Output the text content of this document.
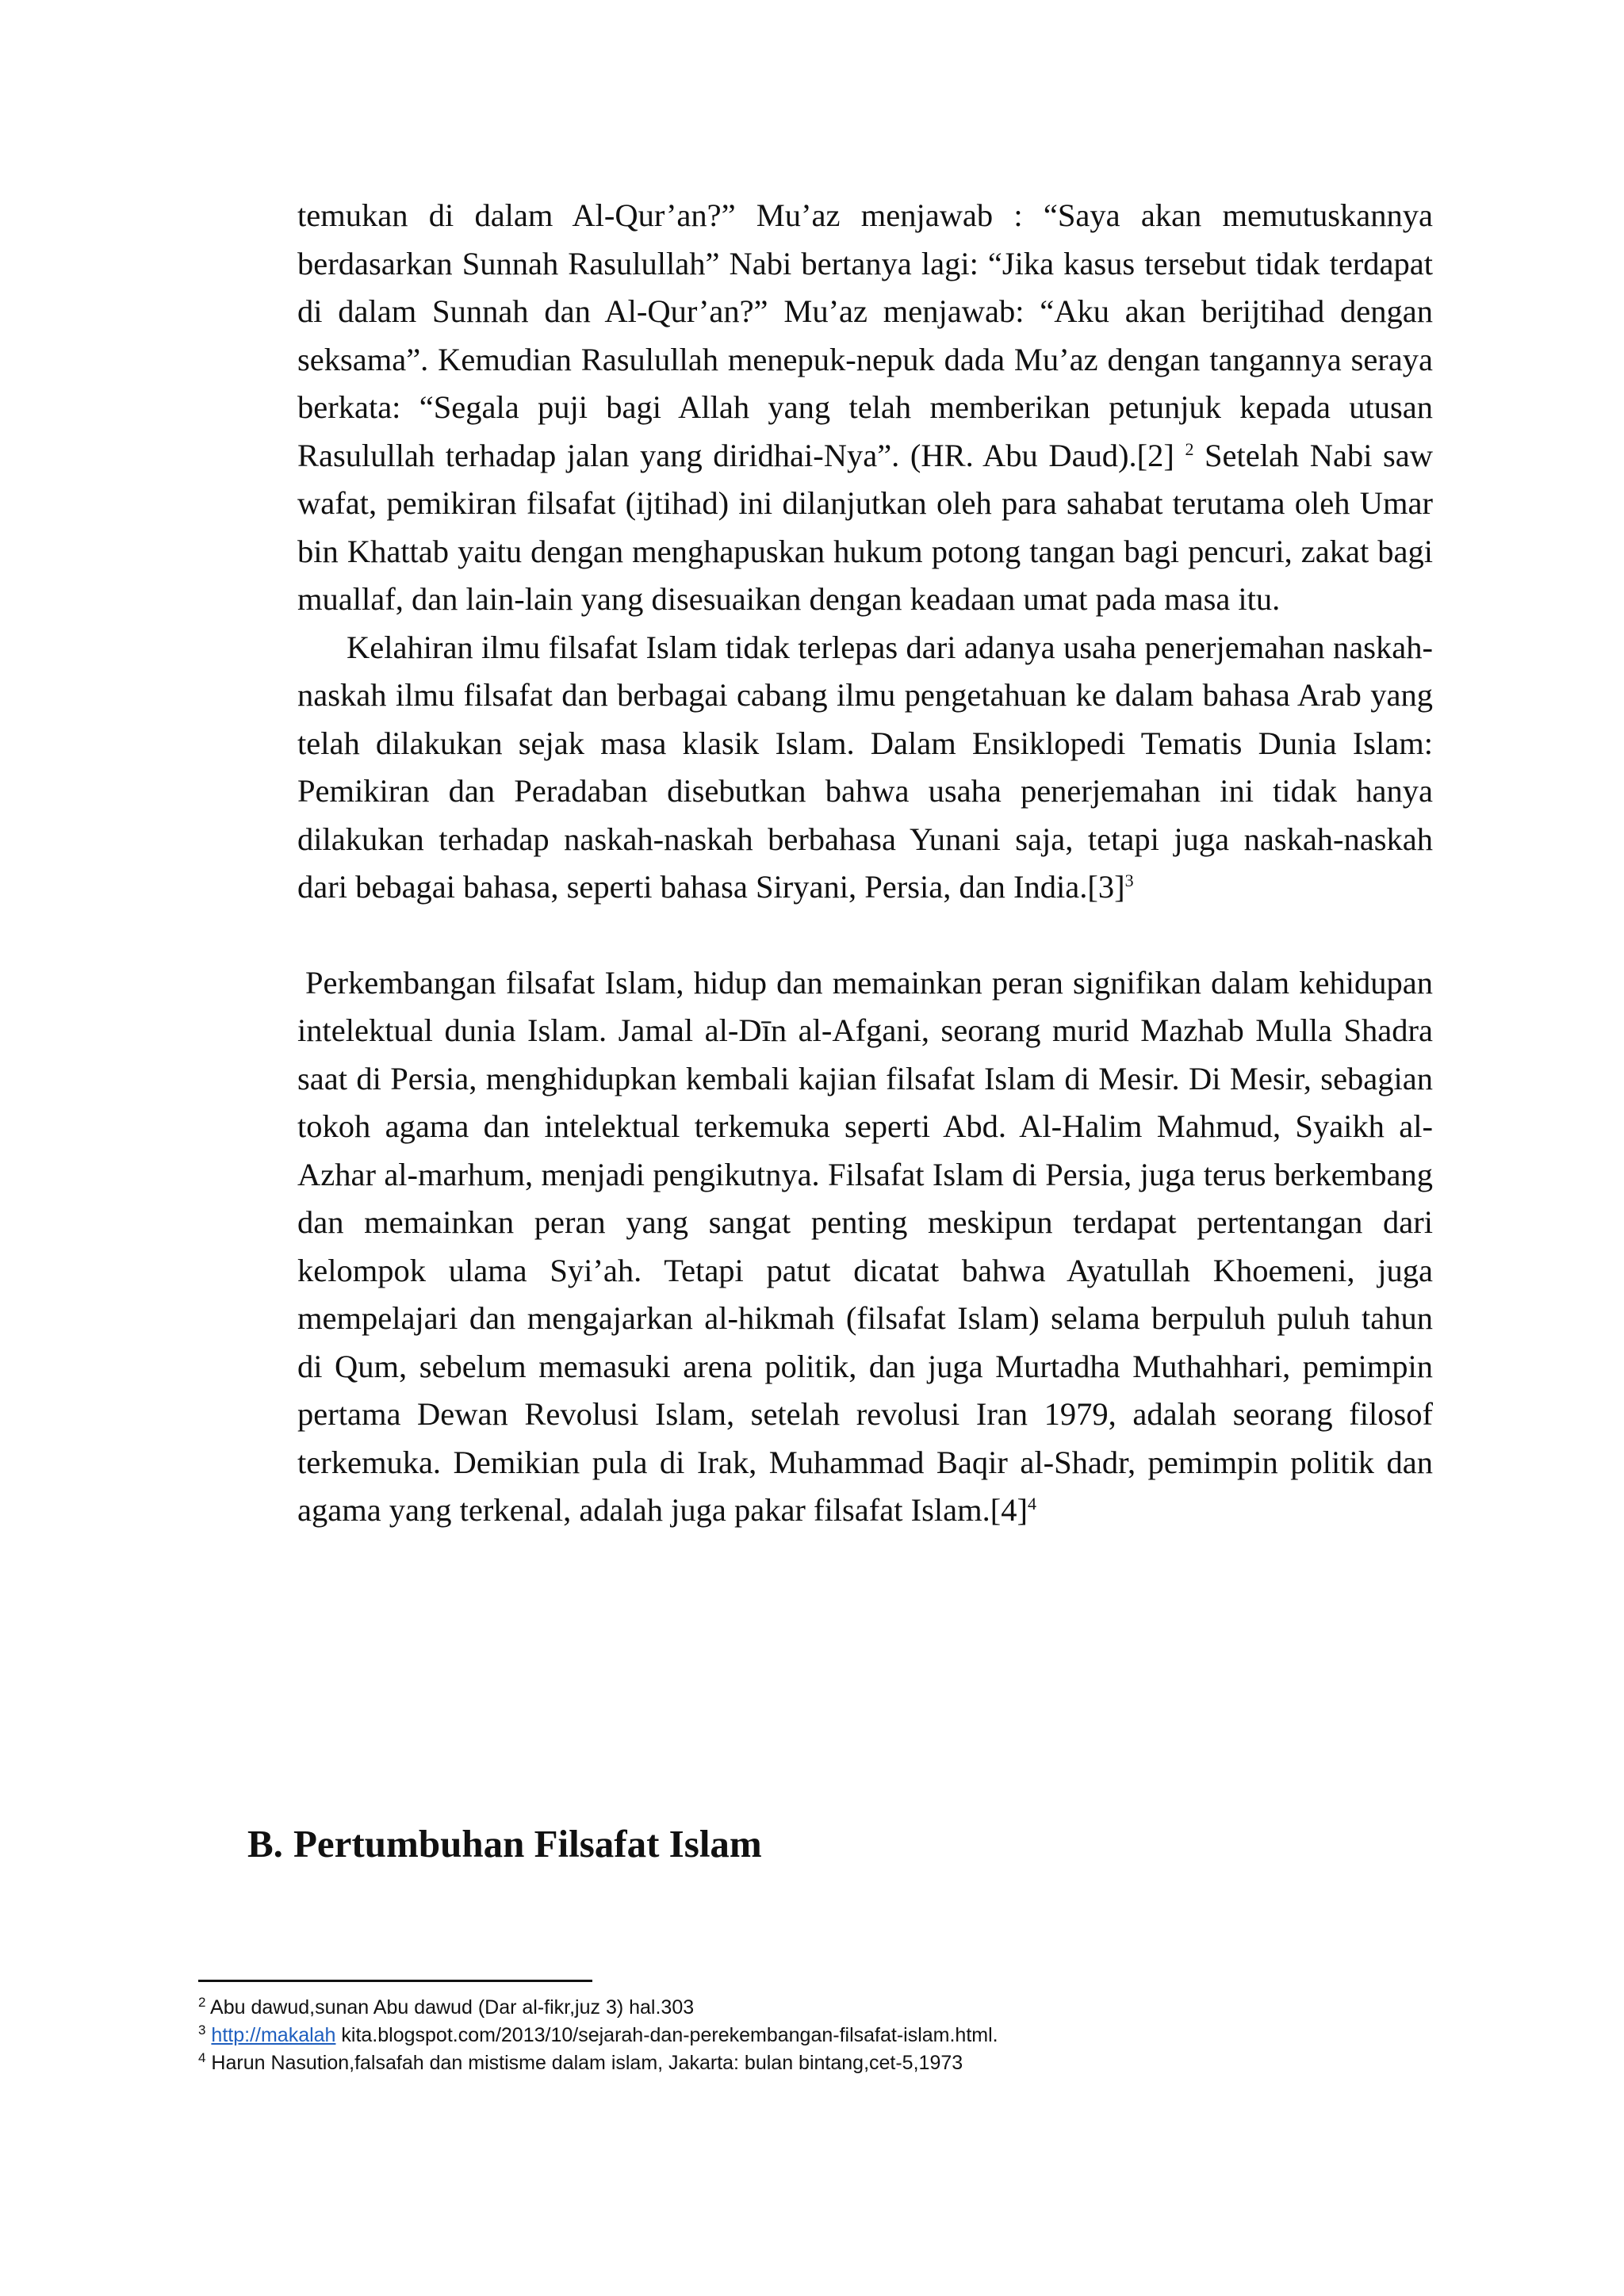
temukan di dalam Al-Qur’an?” Mu’az menjawab : “Saya akan memutuskannya berdasarkan Sunnah Rasulullah” Nabi bertanya lagi: “Jika kasus tersebut tidak terdapat di dalam Sunnah dan Al-Qur’an?” Mu’az menjawab: “Aku akan berijtihad dengan seksama”. Kemudian Rasulullah menepuk-nepuk dada Mu’az dengan tangannya seraya berkata: “Segala puji bagi Allah yang telah memberikan petunjuk kepada utusan Rasulullah terhadap jalan yang diridhai-Nya”. (HR. Abu Daud).[2] $^2$ Setelah Nabi saw wafat, pemikiran filsafat (ijtihad) ini dilanjutkan oleh para sahabat terutama oleh Umar bin Khattab yaitu dengan menghapuskan hukum potong tangan bagi pencuri, zakat bagi muallaf, dan lain-lain yang disesuaikan dengan keadaan umat pada masa itu.

Kelahiran ilmu filsafat Islam tidak terlepas dari adanya usaha penerjemahan naskah-naskah ilmu filsafat dan berbagai cabang ilmu pengetahuan ke dalam bahasa Arab yang telah dilakukan sejak masa klasik Islam. Dalam Ensiklopedi Tematis Dunia Islam: Pemikiran dan Peradaban disebutkan bahwa usaha penerjemahan ini tidak hanya dilakukan terhadap naskah-naskah berbahasa Yunani saja, tetapi juga naskah-naskah dari bebagai bahasa, seperti bahasa Siryani, Persia, dan $India.[3]^3$

Perkembangan filsafat Islam, hidup dan memainkan peran signifikan dalam kehidupan intelektual dunia Islam. Jamal al-Dīn al-Afgani, seorang murid Mazhab Mulla Shadra saat di Persia, menghidupkan kembali kajian filsafat Islam di Mesir. Di Mesir, sebagian tokoh agama dan intelektual terkemuka seperti Abd. Al-Halim Mahmud, Syaikh al-Azhar al-marhum, menjadi pengikutnya. Filsafat Islam di Persia, juga terus berkembang dan memainkan peran yang sangat penting meskipun terdapat pertentangan dari kelompok ulama Syi’ah. Tetapi patut dicatat bahwa Ayatullah Khoemeni, juga mempelajari dan mengajarkan al-hikmah (filsafat Islam) selama berpuluh puluh tahun di Qum, sebelum memasuki arena politik, dan juga Murtadha Muthahhari, pemimpin pertama Dewan Revolusi Islam, setelah revolusi Iran 1979, adalah seorang filosof terkemuka. Demikian pula di Irak, Muhammad Baqir al-Shadr, pemimpin politik dan agama yang terkenal, adalah juga pakar filsafat $Islam.[4]^4$

B. Pertumbuhan Filsafat Islam
$^2$ Abu dawud,sunan Abu dawud (Dar al-fikr,juz 3) hal.303
$^3$ http://makalah kita.blogspot.com/2013/10/sejarah-dan-perekembangan-filsafat-islam.html.
$^4$ Harun Nasution,falsafah dan mistisme dalam islam, Jakarta: bulan bintang,cet-5,1973
